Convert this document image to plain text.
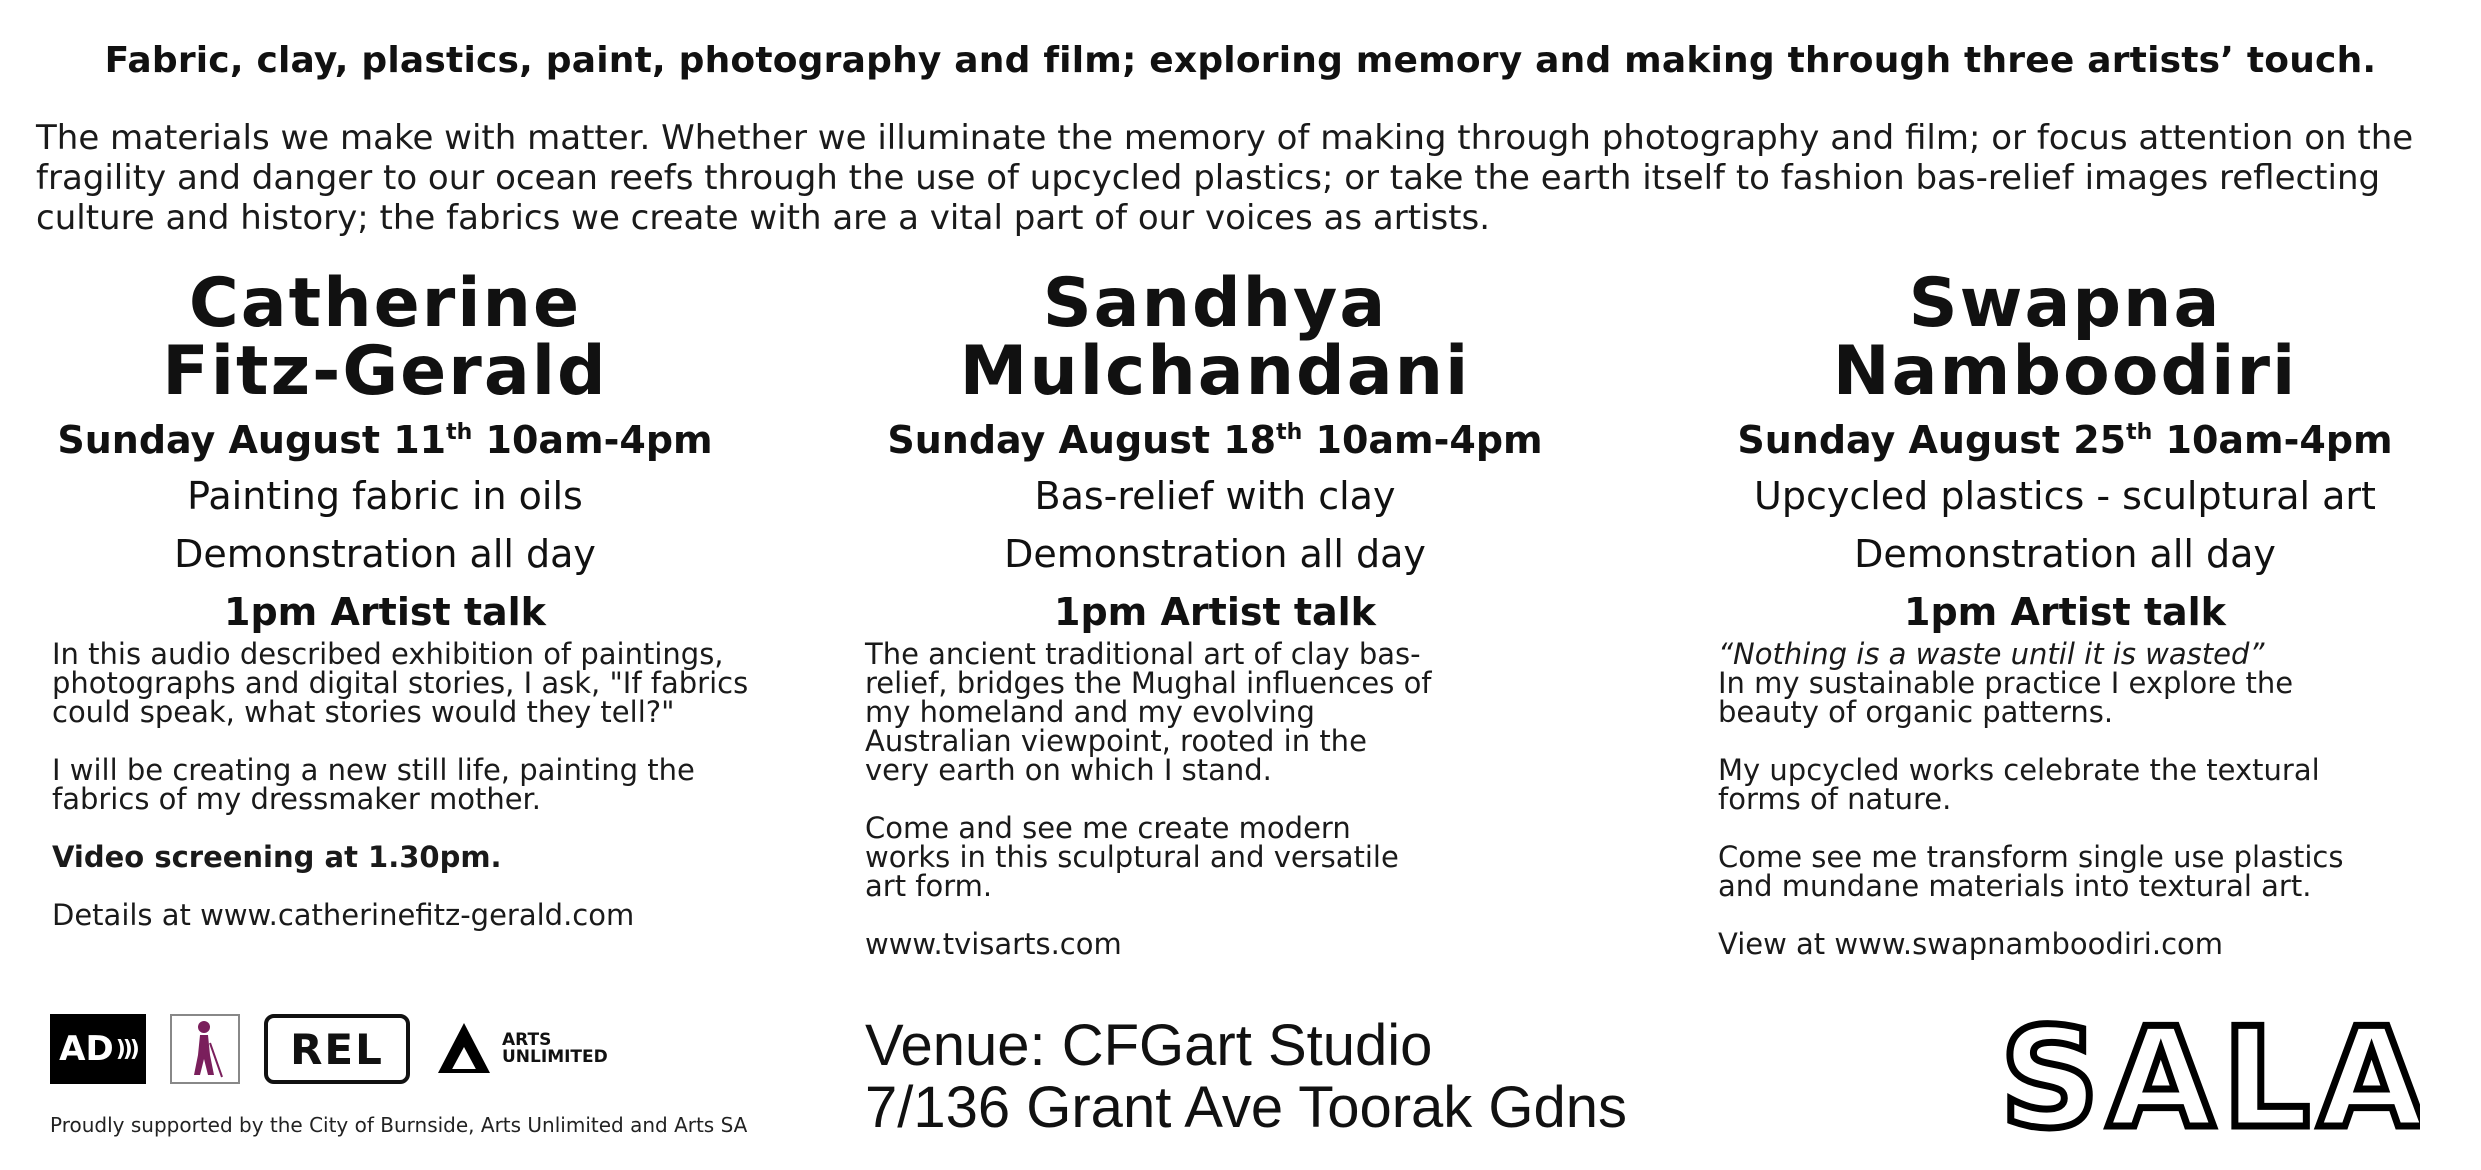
Fabric, clay, plastics, paint, photography and film; exploring memory and making through three artists’ touch.
The materials we make with matter. Whether we illuminate the memory of making through photography and film; or focus attention on the fragility and danger to our ocean reefs through the use of upcycled plastics; or take the earth itself to fashion bas-relief images reflecting culture and history; the fabrics we create with are a vital part of our voices as artists.
Catherine
Fitz-Gerald
Sunday August 11th 10am-4pm
Painting fabric in oils
Demonstration all day
1pm Artist talk

In this audio described exhibition of paintings, photographs and digital stories, I ask, "If fabrics could speak, what stories would they tell?"

I will be creating a new still life, painting the fabrics of my dressmaker mother.

Video screening at 1.30pm.

Details at www.catherinefitz-gerald.com

Sandhya
Mulchandani
Sunday August 18th 10am-4pm
Bas-relief with clay
Demonstration all day
1pm Artist talk

The ancient traditional art of clay bas-relief, bridges the Mughal influences of my homeland and my evolving Australian viewpoint, rooted in the very earth on which I stand.

Come and see me create modern works in this sculptural and versatile art form.

www.tvisarts.com

Swapna
Namboodiri
Sunday August 25th 10am-4pm
Upcycled plastics - sculptural art
Demonstration all day
1pm Artist talk

“Nothing is a waste until it is wasted”

In my sustainable practice I explore the beauty of organic patterns.

My upcycled works celebrate the textural forms of nature.

Come see me transform single use plastics and mundane materials into textural art.

View at www.swapnamboodiri.com

AD )))	REL	ARTS
UNLIMITED
Proudly supported by the City of Burnside, Arts Unlimited and Arts SA
Venue: CFGart Studio
7/136 Grant Ave Toorak Gdns	SALA
